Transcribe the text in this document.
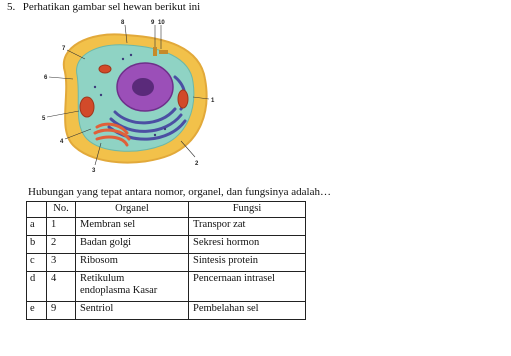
5. Perhatikan gambar sel hewan berikut ini
8	9 10
7
6
5
4
3
1
2
Hubungan yang tepat antara nomor, organel, dan fungsinya adalah…
	No.	Organel	Fungsi
a	1	Membran sel	Transpor zat
b	2	Badan golgi	Sekresi hormon
c	3	Ribosom	Sintesis protein
d	4	Retikulum
endoplasma Kasar	Pencernaan intrasel
e	9	Sentriol	Pembelahan sel
